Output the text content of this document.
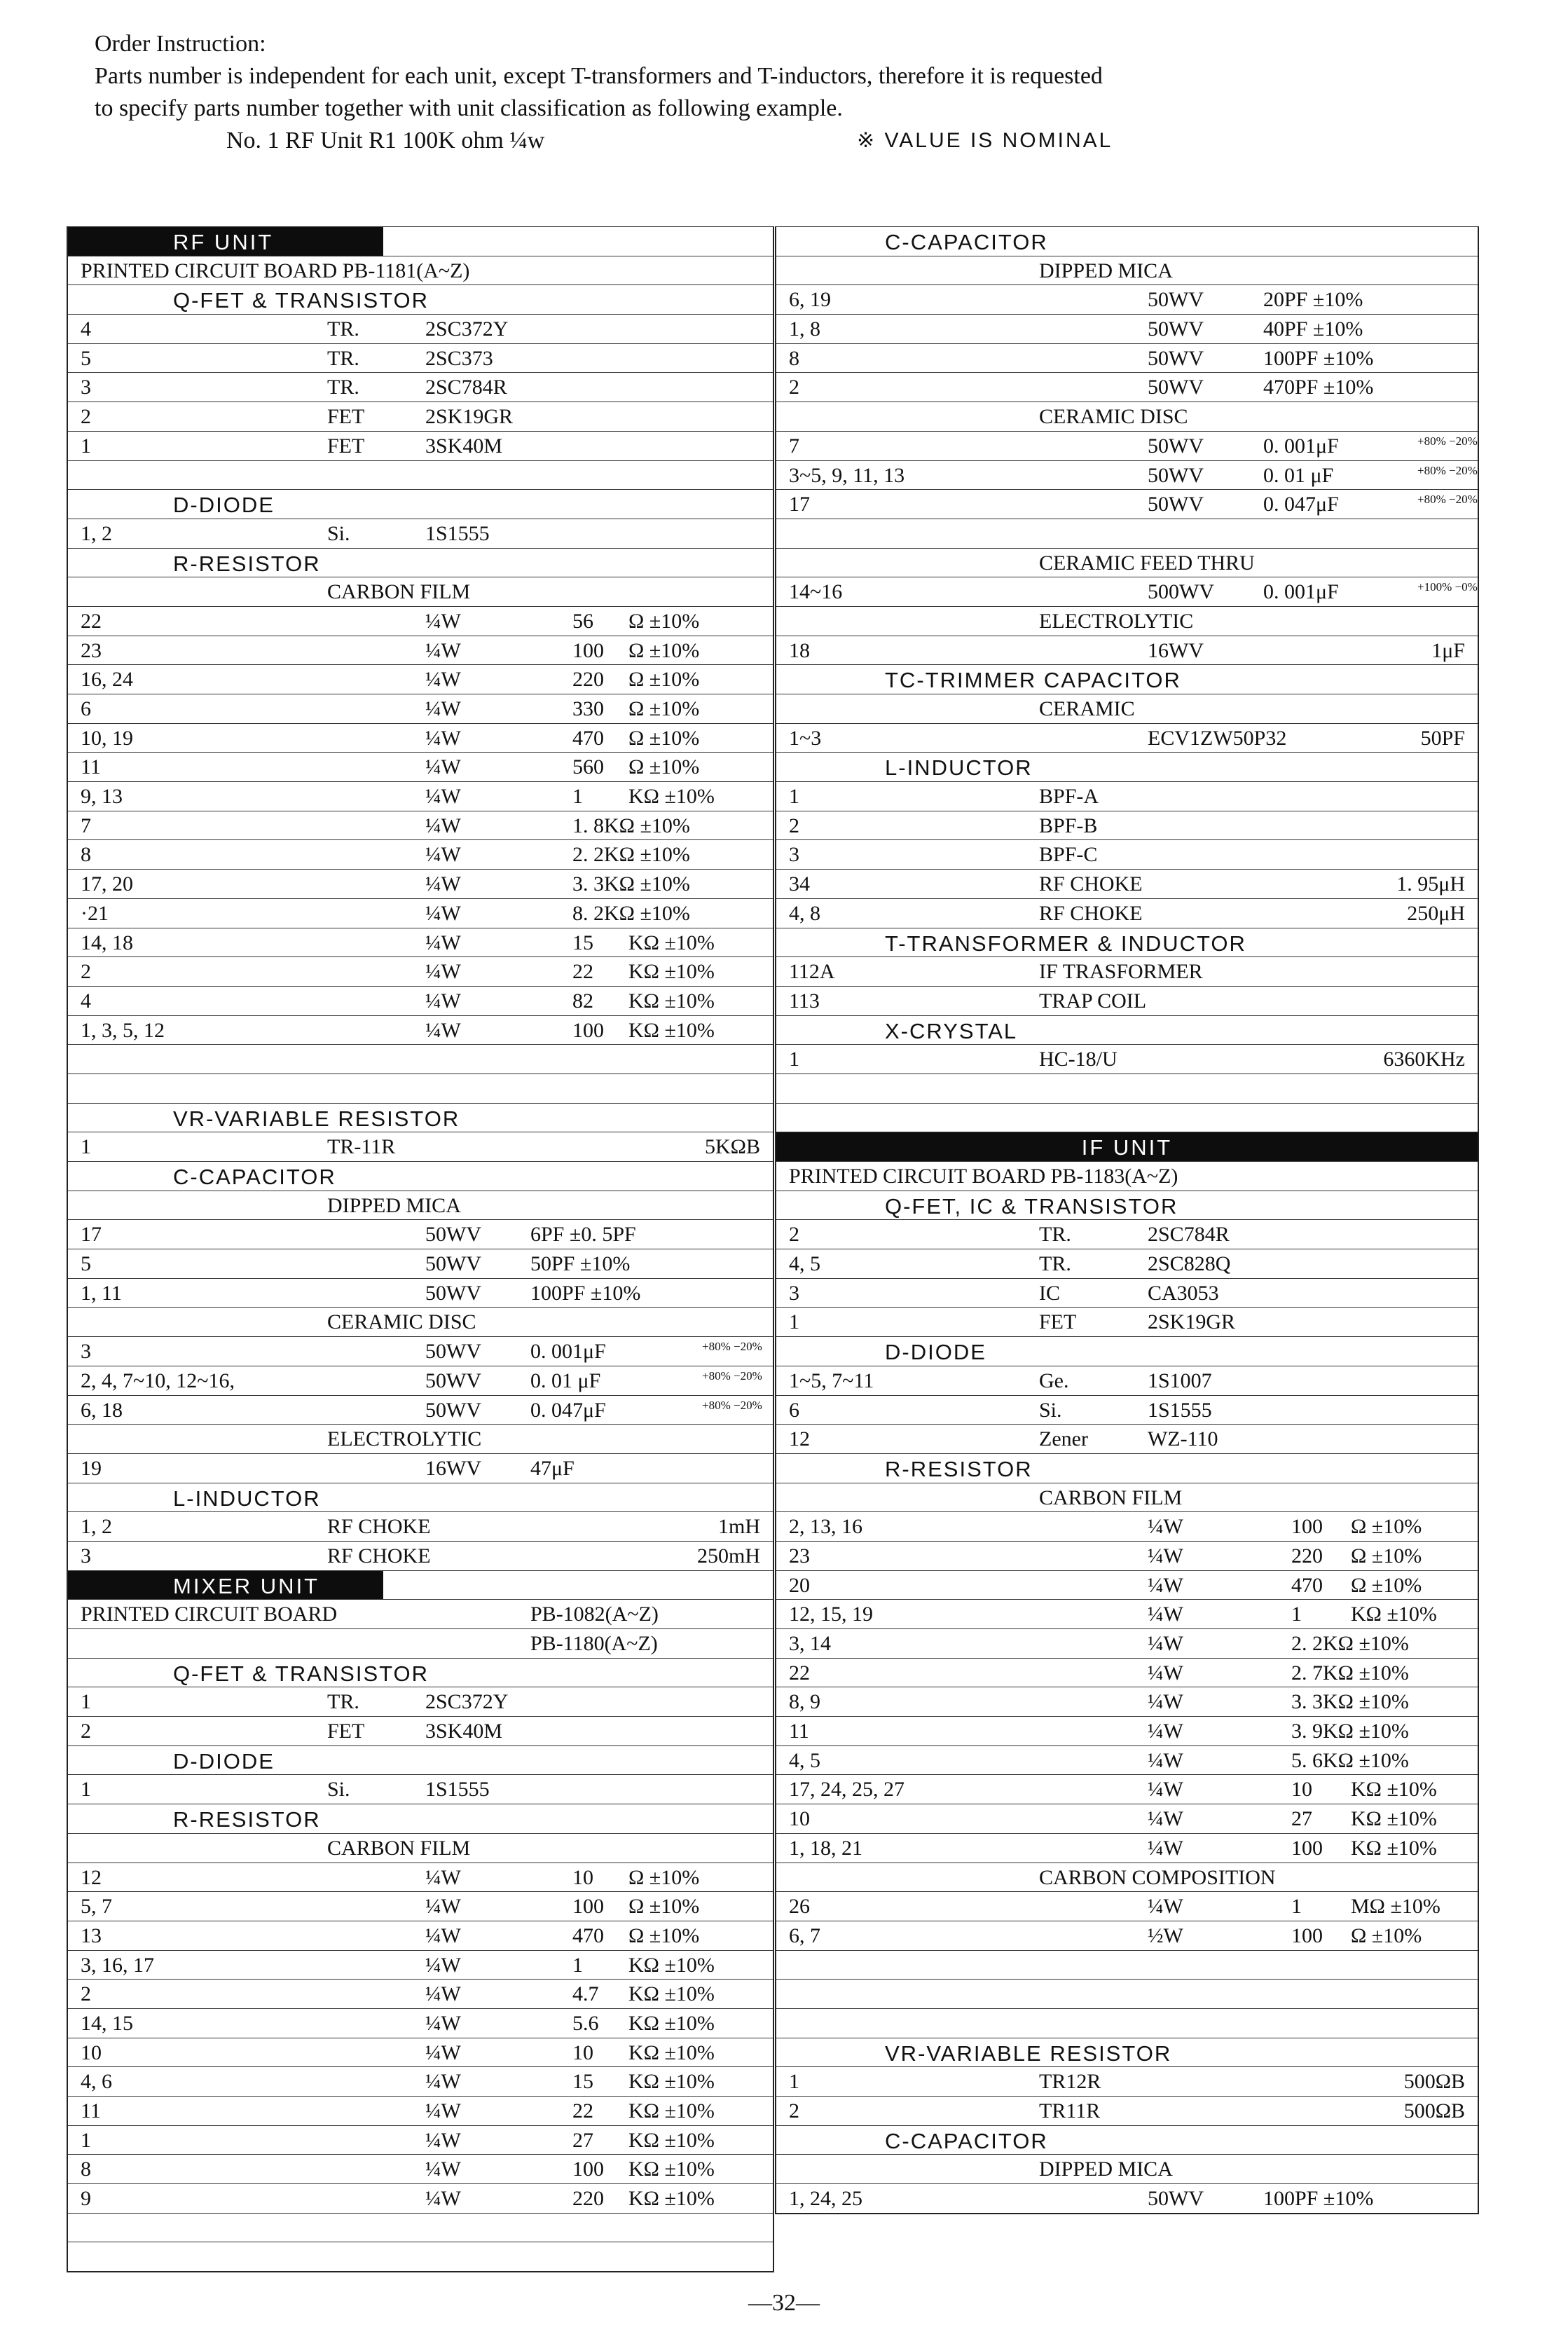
Order Instruction:

Parts number is independent for each unit, except T-transformers and T-inductors, therefore it is requested

to specify parts number together with unit classification as following example.

No. 1 RF Unit R1 100K ohm ¼w	※ VALUE IS NOMINAL
RF UNIT
PRINTED CIRCUIT BOARD PB-1181(A~Z)
Q-FET & TRANSISTOR
4	TR.	2SC372Y
5	TR.	2SC373
3	TR.	2SC784R
2	FET	2SK19GR
1	FET	3SK40M
D-DIODE
1, 2	Si.	1S1555
R-RESISTOR
CARBON FILM
22	¼W	56 Ω ±10%
23	¼W	100 Ω ±10%
16, 24	¼W	220 Ω ±10%
6	¼W	330 Ω ±10%
10, 19	¼W	470 Ω ±10%
11	¼W	560 Ω ±10%
9, 13	¼W	1 KΩ ±10%
7	¼W	1. 8KΩ ±10%
8	¼W	2. 2KΩ ±10%
17, 20	¼W	3. 3KΩ ±10%
·21	¼W	8. 2KΩ ±10%
14, 18	¼W	15 KΩ ±10%
2	¼W	22 KΩ ±10%
4	¼W	82 KΩ ±10%
1, 3, 5, 12	¼W	100 KΩ ±10%
VR-VARIABLE RESISTOR
1	TR-11R	5KΩB
C-CAPACITOR
DIPPED MICA
17	50WV 6PF ±0. 5PF
5	50WV 50PF ±10%
1, 11	50WV 100PF ±10%
CERAMIC DISC
3	50WV 0. 001μF	+80% −20%
2, 4, 7~10, 12~16,	50WV 0. 01 μF	+80% −20%
6, 18	50WV 0. 047μF	+80% −20%
ELECTROLYTIC
19	16WV 47μF
L-INDUCTOR
1, 2	RF CHOKE	1mH
3	RF CHOKE	250mH
MIXER UNIT
PRINTED CIRCUIT BOARD	PB-1082(A~Z)
PB-1180(A~Z)
Q-FET & TRANSISTOR
1	TR.	2SC372Y
2	FET	3SK40M
D-DIODE
1	Si.	1S1555
R-RESISTOR
CARBON FILM
12	¼W	10 Ω ±10%
5, 7	¼W	100 Ω ±10%
13	¼W	470 Ω ±10%
3, 16, 17	¼W	1 KΩ ±10%
2	¼W	4.7 KΩ ±10%
14, 15	¼W	5.6 KΩ ±10%
10	¼W	10 KΩ ±10%
4, 6	¼W	15 KΩ ±10%
11	¼W	22 KΩ ±10%
1	¼W	27 KΩ ±10%
8	¼W	100 KΩ ±10%
9	¼W	220 KΩ ±10%
C-CAPACITOR
DIPPED MICA
6, 19	50WV	20PF ±10%
1, 8	50WV	40PF ±10%
8	50WV	100PF ±10%
2	50WV	470PF ±10%
CERAMIC DISC
7	50WV	0. 001μF	+80% −20%
3~5, 9, 11, 13	50WV	0. 01 μF	+80% −20%
17	50WV	0. 047μF	+80% −20%
CERAMIC FEED THRU
14~16	500WV 0. 001μF	+100% −0%
ELECTROLYTIC
18	16WV	1μF
TC-TRIMMER CAPACITOR
CERAMIC
1~3	ECV1ZW50P32	50PF
L-INDUCTOR
1	BPF-A
2	BPF-B
3	BPF-C
34	RF CHOKE	1. 95μH
4, 8	RF CHOKE	250μH
T-TRANSFORMER & INDUCTOR
112A	IF TRASFORMER
113	TRAP COIL
X-CRYSTAL
1	HC-18/U	6360KHz
IF UNIT
PRINTED CIRCUIT BOARD PB-1183(A~Z)
Q-FET, IC & TRANSISTOR
2	TR.	2SC784R
4, 5	TR.	2SC828Q
3	IC	CA3053
1	FET	2SK19GR
D-DIODE
1~5, 7~11	Ge.	1S1007
6	Si.	1S1555
12	Zener	WZ-110
R-RESISTOR
CARBON FILM
2, 13, 16	¼W	100 Ω ±10%
23	¼W	220 Ω ±10%
20	¼W	470 Ω ±10%
12, 15, 19	¼W	1 KΩ ±10%
3, 14	¼W	2. 2KΩ ±10%
22	¼W	2. 7KΩ ±10%
8, 9	¼W	3. 3KΩ ±10%
11	¼W	3. 9KΩ ±10%
4, 5	¼W	5. 6KΩ ±10%
17, 24, 25, 27	¼W	10 KΩ ±10%
10	¼W	27 KΩ ±10%
1, 18, 21	¼W	100 KΩ ±10%
CARBON COMPOSITION
26	¼W	1 MΩ ±10%
6, 7	½W	100 Ω ±10%
VR-VARIABLE RESISTOR
1	TR12R	500ΩB
2	TR11R	500ΩB
C-CAPACITOR
DIPPED MICA
1, 24, 25	50WV	100PF ±10%
—32—
